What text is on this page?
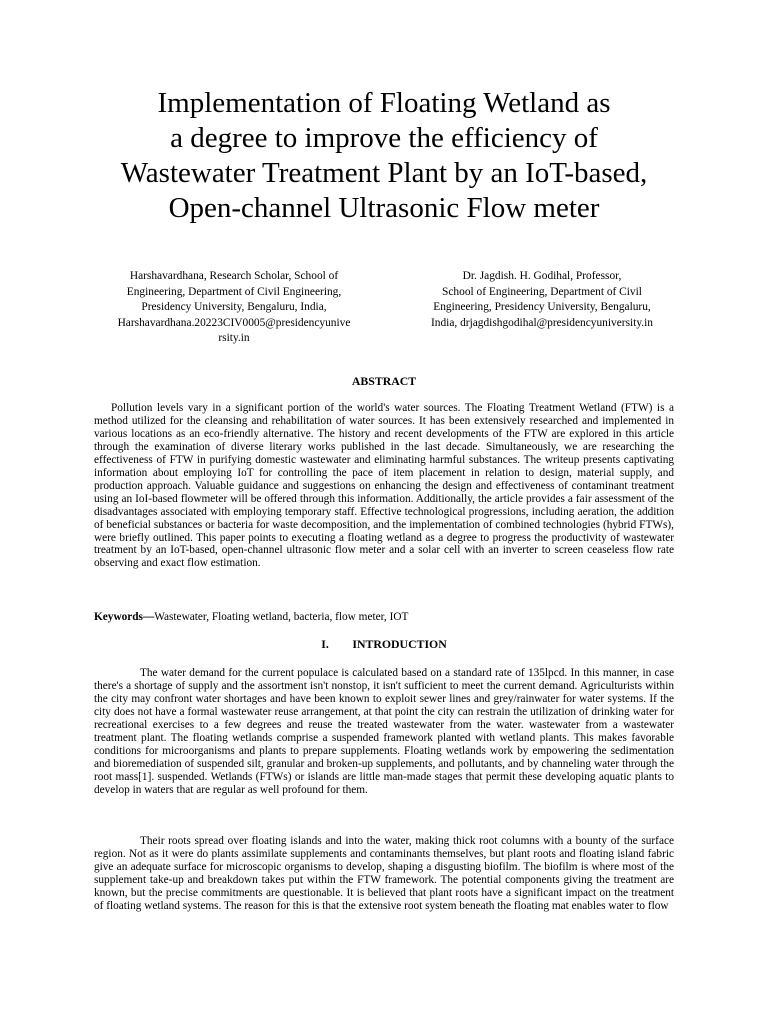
Implementation of Floating Wetland as
a degree to improve the efficiency of
Wastewater Treatment Plant by an IoT-based,
Open-channel Ultrasonic Flow meter
Harshavardhana, Research Scholar, School of
Engineering, Department of Civil Engineering,
Presidency University, Bengaluru, India,
Harshavardhana.20223CIV0005@presidencyunive
rsity.in
Dr. Jagdish. H. Godihal, Professor,
School of Engineering, Department of Civil
Engineering, Presidency University, Bengaluru,
India, drjagdishgodihal@presidencyuniversity.in
ABSTRACT

Pollution levels vary in a significant portion of the world's water sources. The Floating Treatment Wetland (FTW) is a method utilized for the cleansing and rehabilitation of water sources. It has been extensively researched and implemented in various locations as an eco-friendly alternative. The history and recent developments of the FTW are explored in this article through the examination of diverse literary works published in the last decade. Simultaneously, we are researching the effectiveness of FTW in purifying domestic wastewater and eliminating harmful substances. The writeup presents captivating information about employing IoT for controlling the pace of item placement in relation to design, material supply, and production approach. Valuable guidance and suggestions on enhancing the design and effectiveness of contaminant treatment using an IoI-based flowmeter will be offered through this information. Additionally, the article provides a fair assessment of the disadvantages associated with employing temporary staff. Effective technological progressions, including aeration, the addition of beneficial substances or bacteria for waste decomposition, and the implementation of combined technologies (hybrid FTWs), were briefly outlined. This paper points to executing a floating wetland as a degree to progress the productivity of wastewater treatment by an IoT-based, open-channel ultrasonic flow meter and a solar cell with an inverter to screen ceaseless flow rate observing and exact flow estimation.

Keywords—Wastewater, Floating wetland, bacteria, flow meter, IOT

I.  INTRODUCTION

The water demand for the current populace is calculated based on a standard rate of 135lpcd. In this manner, in case there's a shortage of supply and the assortment isn't nonstop, it isn't sufficient to meet the current demand. Agriculturists within the city may confront water shortages and have been known to exploit sewer lines and grey/rainwater for water systems. If the city does not have a formal wastewater reuse arrangement, at that point the city can restrain the utilization of drinking water for recreational exercises to a few degrees and reuse the treated wastewater from the water. wastewater from a wastewater treatment plant. The floating wetlands comprise a suspended framework planted with wetland plants. This makes favorable conditions for microorganisms and plants to prepare supplements. Floating wetlands work by empowering the sedimentation and bioremediation of suspended silt, granular and broken-up supplements, and pollutants, and by channeling water through the root mass[1]. suspended. Wetlands (FTWs) or islands are little man-made stages that permit these developing aquatic plants to develop in waters that are regular as well profound for them.

Their roots spread over floating islands and into the water, making thick root columns with a bounty of the surface region. Not as it were do plants assimilate supplements and contaminants themselves, but plant roots and floating island fabric give an adequate surface for microscopic organisms to develop, shaping a disgusting biofilm. The biofilm is where most of the supplement take-up and breakdown takes put within the FTW framework. The potential components giving the treatment are known, but the precise commitments are questionable. It is believed that plant roots have a significant impact on the treatment of floating wetland systems. The reason for this is that the extensive root system beneath the floating mat enables water to flow
